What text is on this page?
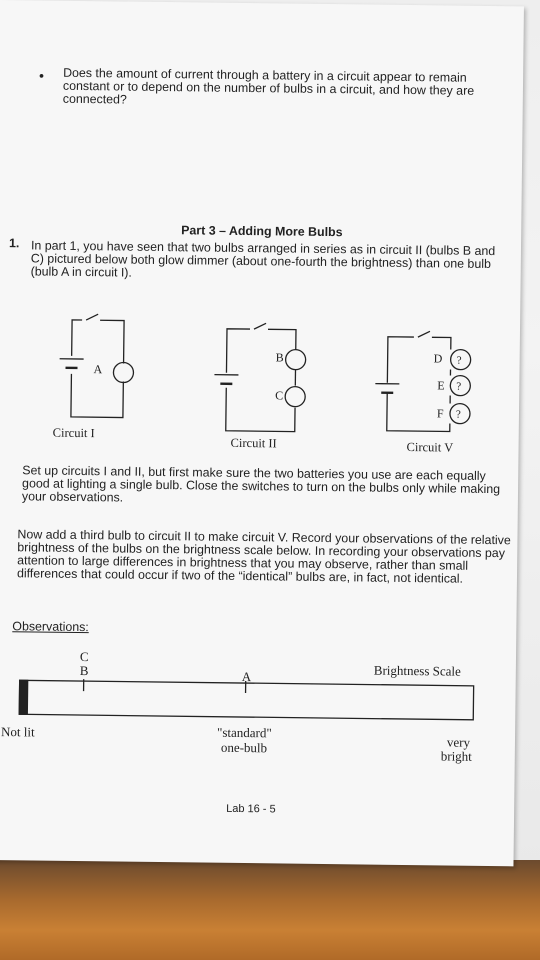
• Does the amount of current through a battery in a circuit appear to remain constant or to depend on the number of bulbs in a circuit, and how they are connected?
Part 3 – Adding More Bulbs
1. In part 1, you have seen that two bulbs arranged in series as in circuit II (bulbs B and C) pictured below both glow dimmer (about one-fourth the brightness) than one bulb (bulb A in circuit I).
A
Circuit I
B
C
Circuit II
D
E
F
?
?
?
Circuit V
C
B	A	Brightness Scale
Not lit	"standard"
one-bulb	very
bright
Set up circuits I and II, but first make sure the two batteries you use are each equally good at lighting a single bulb. Close the switches to turn on the bulbs only while making your observations.
Now add a third bulb to circuit II to make circuit V. Record your observations of the relative brightness of the bulbs on the brightness scale below. In recording your observations pay attention to large differences in brightness that you may observe, rather than small differences that could occur if two of the “identical” bulbs are, in fact, not identical.
Observations:
Lab 16 - 5
